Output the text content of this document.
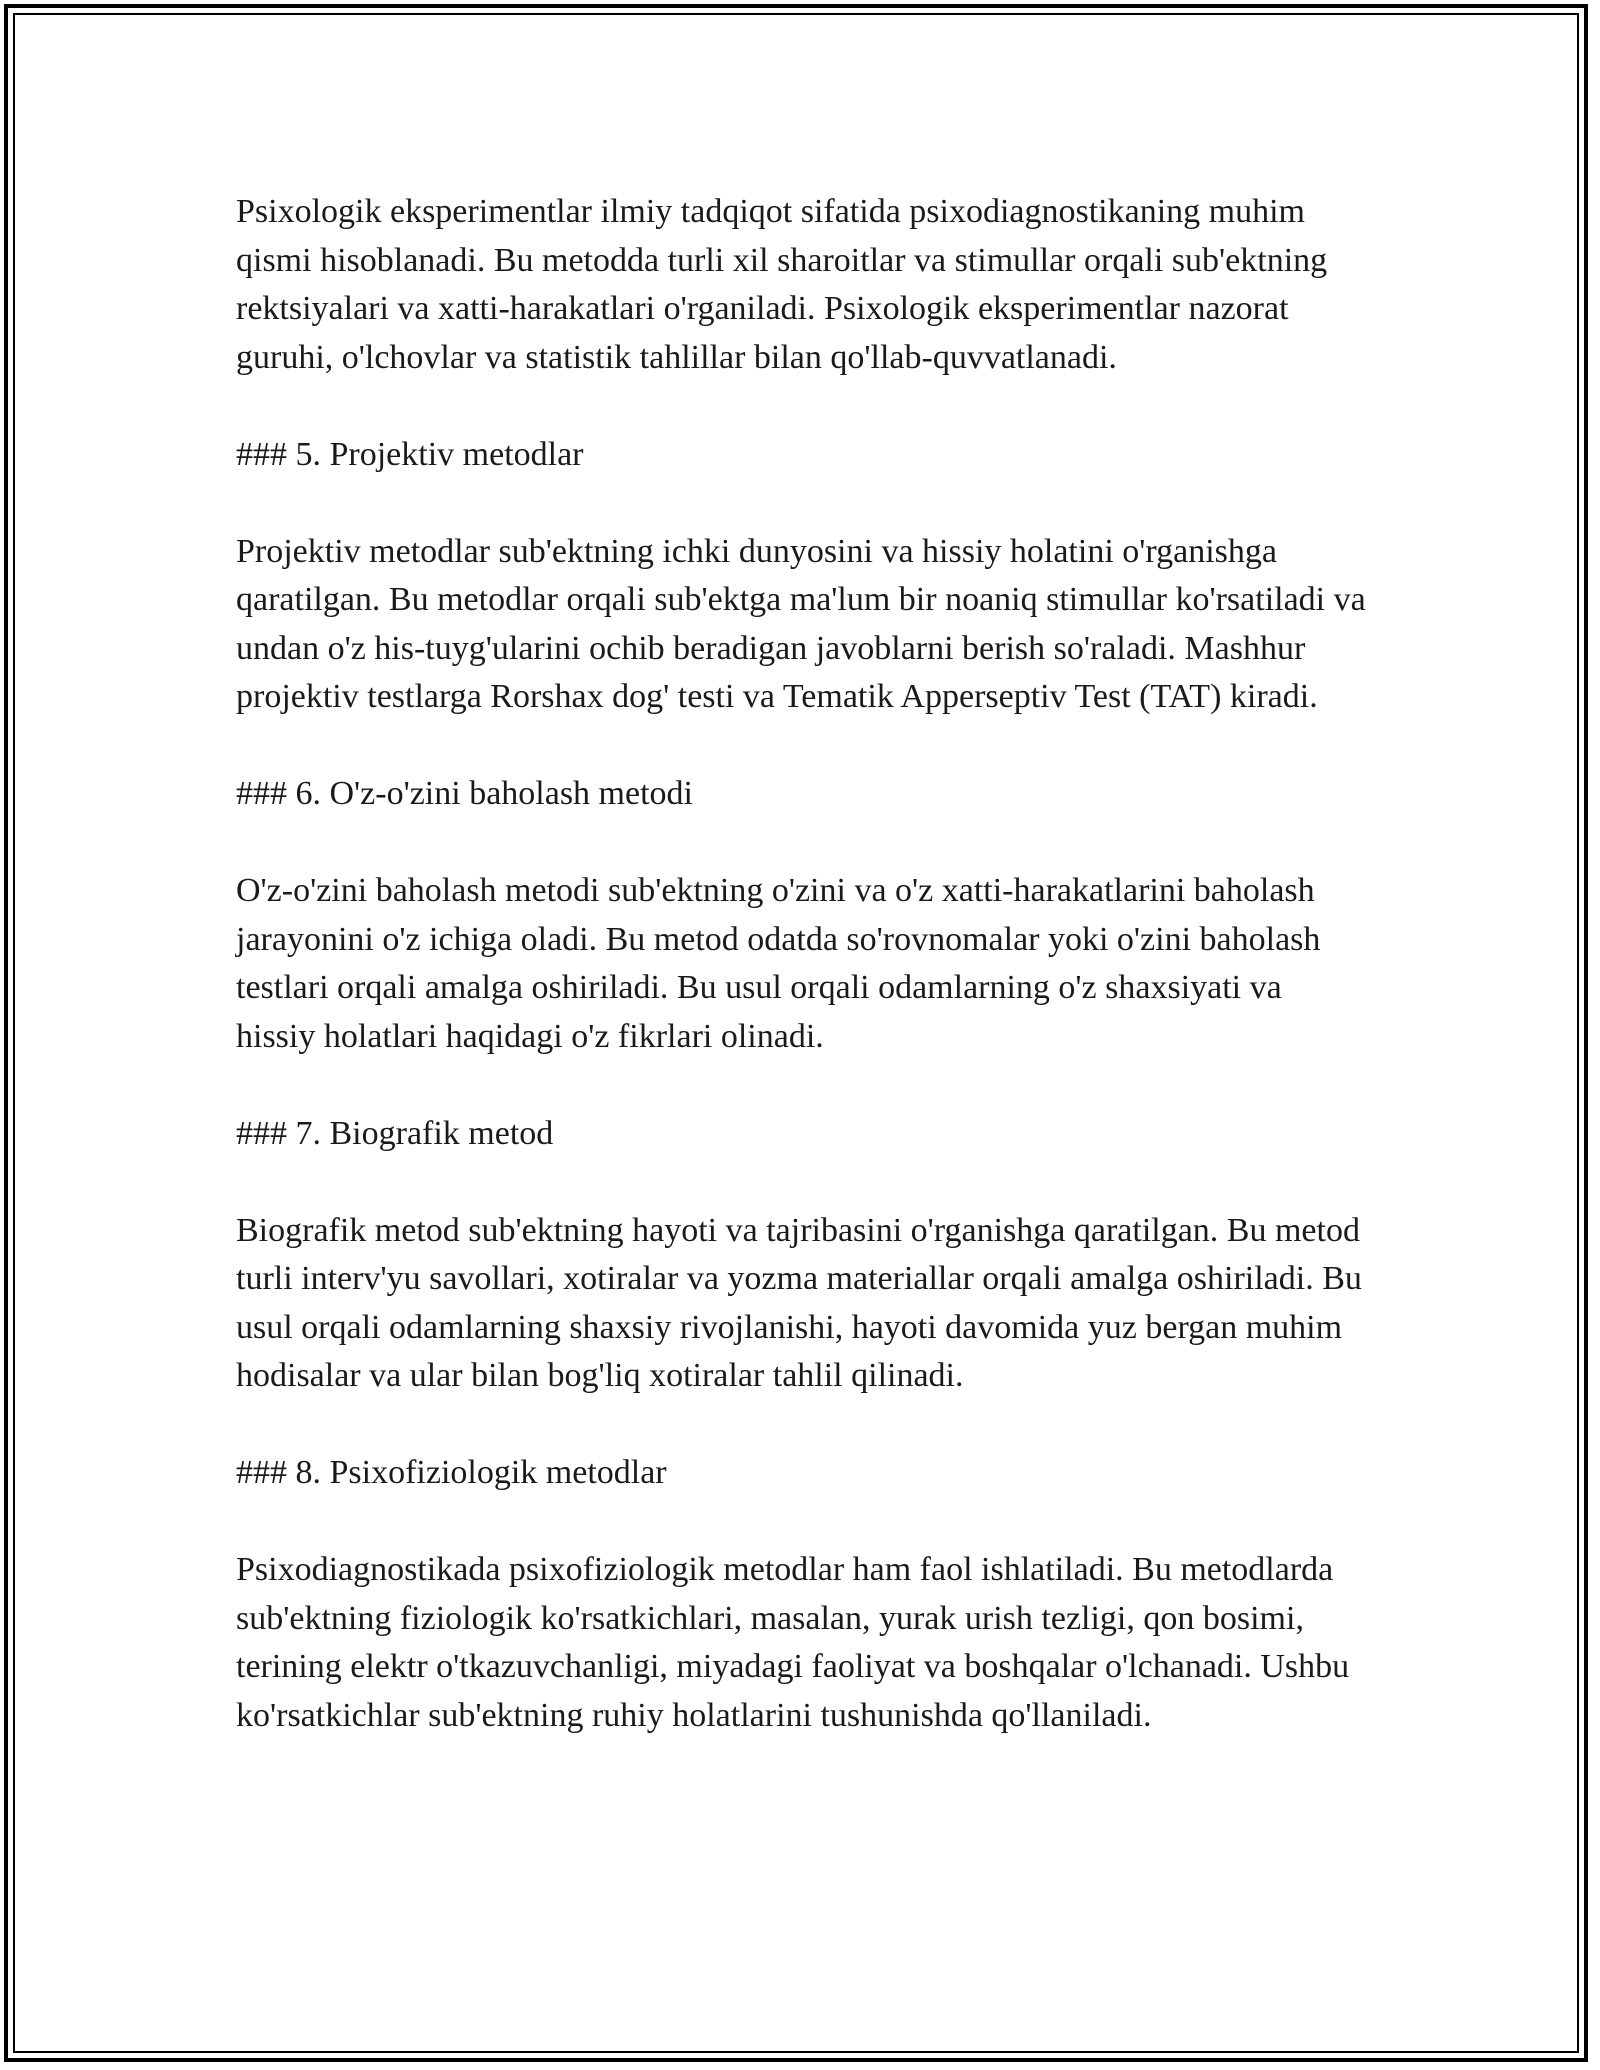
Psixologik eksperimentlar ilmiy tadqiqot sifatida psixodiagnostikaning muhim qismi hisoblanadi. Bu metodda turli xil sharoitlar va stimullar orqali sub'ektning rektsiyalari va xatti-harakatlari o'rganiladi. Psixologik eksperimentlar nazorat guruhi, o'lchovlar va statistik tahlillar bilan qo'llab-quvvatlanadi.

### 5. Projektiv metodlar

Projektiv metodlar sub'ektning ichki dunyosini va hissiy holatini o'rganishga qaratilgan. Bu metodlar orqali sub'ektga ma'lum bir noaniq stimullar ko'rsatiladi va undan o'z his-tuyg'ularini ochib beradigan javoblarni berish so'raladi. Mashhur projektiv testlarga Rorshax dog' testi va Tematik Apperseptiv Test (TAT) kiradi.

### 6. O'z-o'zini baholash metodi

O'z-o'zini baholash metodi sub'ektning o'zini va o'z xatti-harakatlarini baholash jarayonini o'z ichiga oladi. Bu metod odatda so'rovnomalar yoki o'zini baholash testlari orqali amalga oshiriladi. Bu usul orqali odamlarning o'z shaxsiyati va hissiy holatlari haqidagi o'z fikrlari olinadi.

### 7. Biografik metod

Biografik metod sub'ektning hayoti va tajribasini o'rganishga qaratilgan. Bu metod turli interv'yu savollari, xotiralar va yozma materiallar orqali amalga oshiriladi. Bu usul orqali odamlarning shaxsiy rivojlanishi, hayoti davomida yuz bergan muhim hodisalar va ular bilan bog'liq xotiralar tahlil qilinadi.

### 8. Psixofiziologik metodlar

Psixodiagnostikada psixofiziologik metodlar ham faol ishlatiladi. Bu metodlarda sub'ektning fiziologik ko'rsatkichlari, masalan, yurak urish tezligi, qon bosimi, terining elektr o'tkazuvchanligi, miyadagi faoliyat va boshqalar o'lchanadi. Ushbu ko'rsatkichlar sub'ektning ruhiy holatlarini tushunishda qo'llaniladi.
